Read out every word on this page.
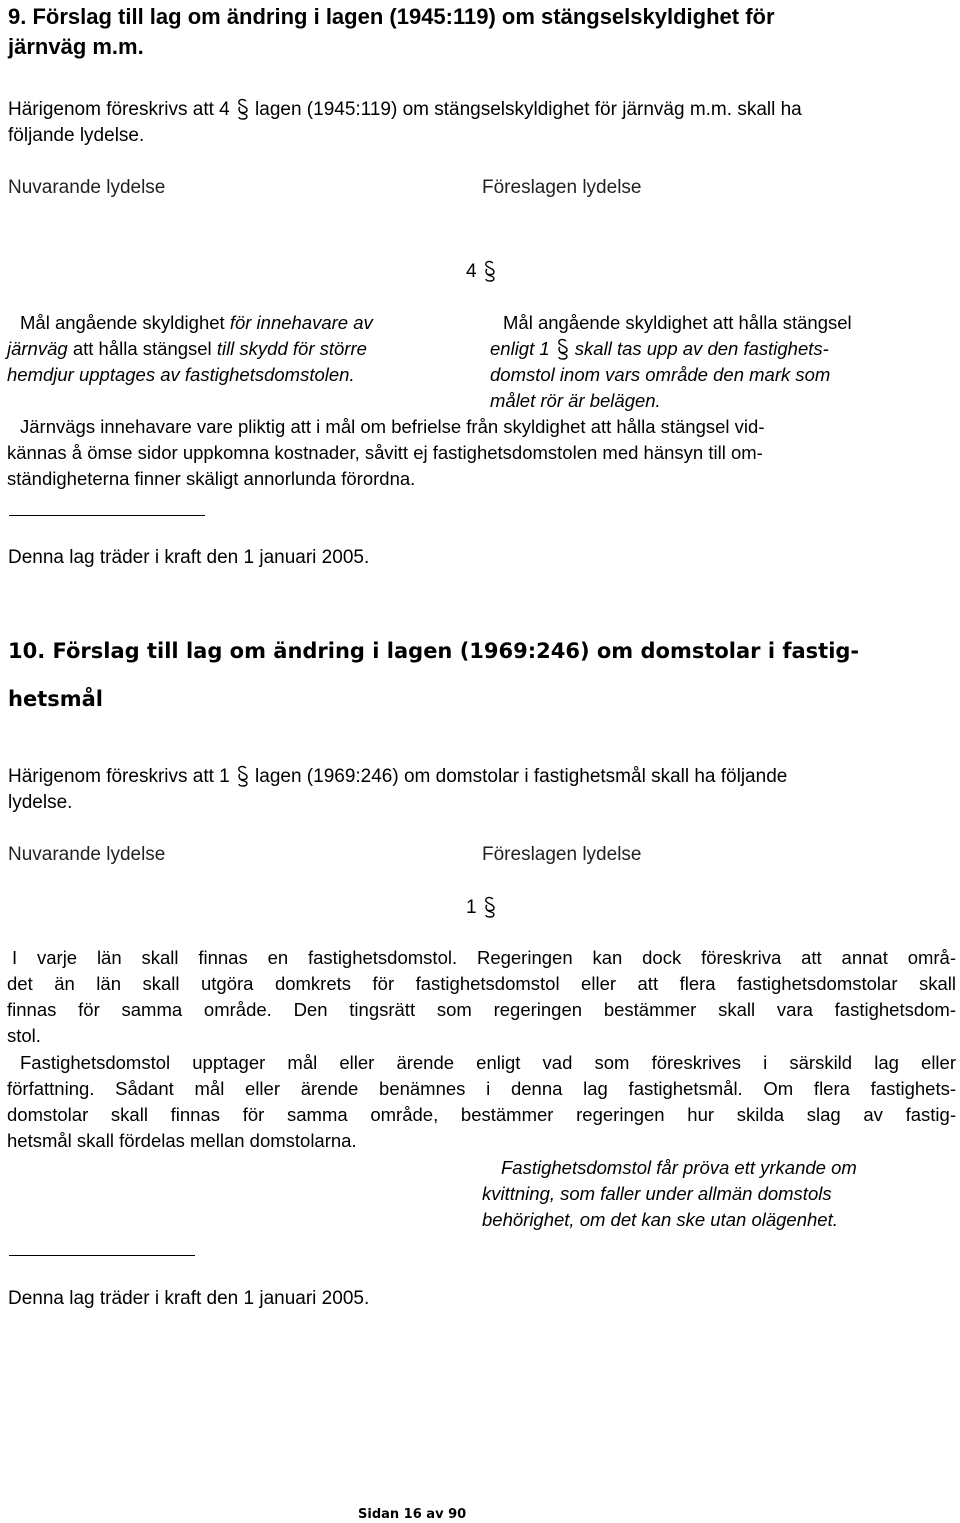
9. Förslag till lag om ändring i lagen (1945:119) om stängselskyldighet för
järnväg m.m.
Härigenom föreskrivs att 4 lagen (1945:119) om stängselskyldighet för järnväg m.m. skall ha
följande lydelse.
Nuvarande lydelse	Föreslagen lydelse
4
Mål angående skyldighet för innehavare av
järnväg att hålla stängsel till skydd för större
hemdjur upptages av fastighetsdomstolen.
Mål angående skyldighet att hålla stängsel
enligt 1 skall tas upp av den fastighets-
domstol inom vars område den mark som
målet rör är belägen.
Järnvägs innehavare vare pliktig att i mål om befrielse från skyldighet att hålla stängsel vid-
kännas å ömse sidor uppkomna kostnader, såvitt ej fastighetsdomstolen med hänsyn till om-
ständigheterna finner skäligt annorlunda förordna.
Denna lag träder i kraft den 1 januari 2005.
10. Förslag till lag om ändring i lagen (1969:246) om domstolar i fastig-
hetsmål
Härigenom föreskrivs att 1 lagen (1969:246) om domstolar i fastighetsmål skall ha följande
lydelse.
Nuvarande lydelse	Föreslagen lydelse
1
I varje län skall finnas en fastighetsdomstol. Regeringen kan dock föreskriva att annat områ-
det än län skall utgöra domkrets för fastighetsdomstol eller att flera fastighetsdomstolar skall
finnas för samma område. Den tingsrätt som regeringen bestämmer skall vara fastighetsdom-
stol.
Fastighetsdomstol upptager mål eller ärende enligt vad som föreskrives i särskild lag eller
författning. Sådant mål eller ärende benämnes i denna lag fastighetsmål. Om flera fastighets-
domstolar skall finnas för samma område, bestämmer regeringen hur skilda slag av fastig-
hetsmål skall fördelas mellan domstolarna.
Fastighetsdomstol får pröva ett yrkande om
kvittning, som faller under allmän domstols
behörighet, om det kan ske utan olägenhet.
Denna lag träder i kraft den 1 januari 2005.
Sidan 16 av 90
